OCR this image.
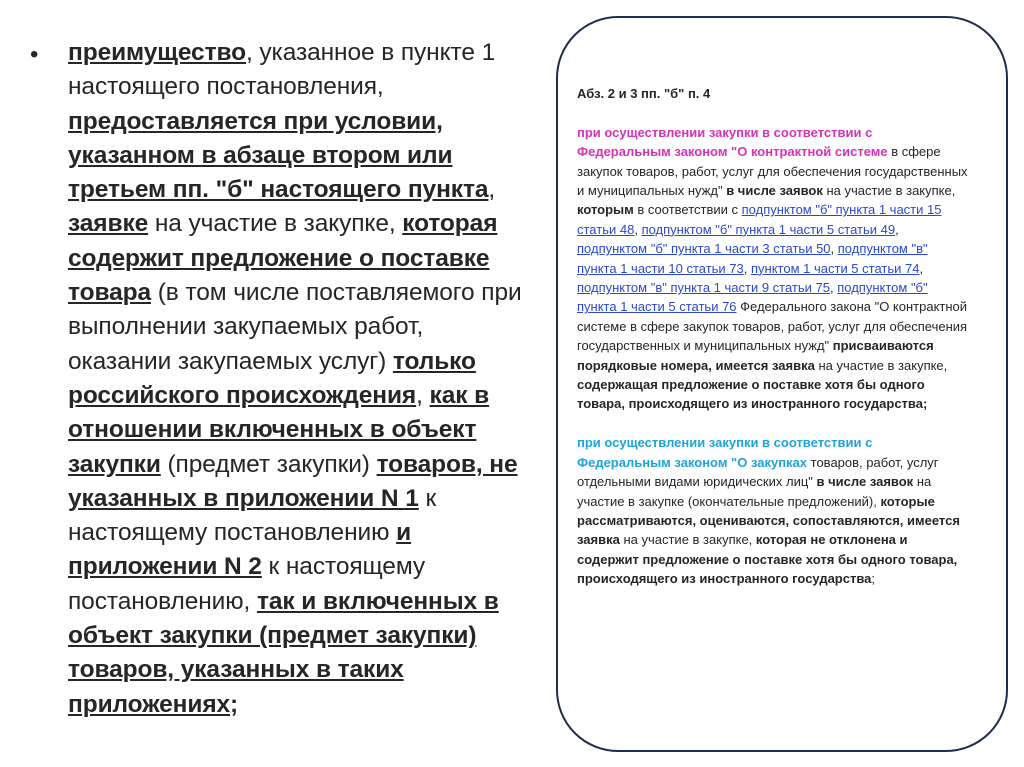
• преимущество, указанное в пункте 1 настоящего постановления, предоставляется при условии, указанном в абзаце втором или третьем пп. "б" настоящего пункта, заявке на участие в закупке, которая содержит предложение о поставке товара (в том числе поставляемого при выполнении закупаемых работ, оказании закупаемых услуг) только российского происхождения, как в отношении включенных в объект закупки (предмет закупки) товаров, не указанных в приложении N 1 к настоящему постановлению и приложении N 2 к настоящему постановлению, так и включенных в объект закупки (предмет закупки) товаров, указанных в таких приложениях;

Абз. 2 и 3 пп. "б" п. 4

при осуществлении закупки в соответствии с Федеральным законом "О контрактной системе в сфере закупок товаров, работ, услуг для обеспечения государственных и муниципальных нужд" в числе заявок на участие в закупке, которым в соответствии с подпунктом "б" пункта 1 части 15 статьи 48, подпунктом "б" пункта 1 части 5 статьи 49, подпунктом "б" пункта 1 части 3 статьи 50, подпунктом "в" пункта 1 части 10 статьи 73, пунктом 1 части 5 статьи 74, подпунктом "в" пункта 1 части 9 статьи 75, подпунктом "б" пункта 1 части 5 статьи 76 Федерального закона "О контрактной системе в сфере закупок товаров, работ, услуг для обеспечения государственных и муниципальных нужд" присваиваются порядковые номера, имеется заявка на участие в закупке, содержащая предложение о поставке хотя бы одного товара, происходящего из иностранного государства;

при осуществлении закупки в соответствии с Федеральным законом "О закупках товаров, работ, услуг отдельными видами юридических лиц" в числе заявок на участие в закупке (окончательные предложений), которые рассматриваются, оцениваются, сопоставляются, имеется заявка на участие в закупке, которая не отклонена и содержит предложение о поставке хотя бы одного товара, происходящего из иностранного государства;
